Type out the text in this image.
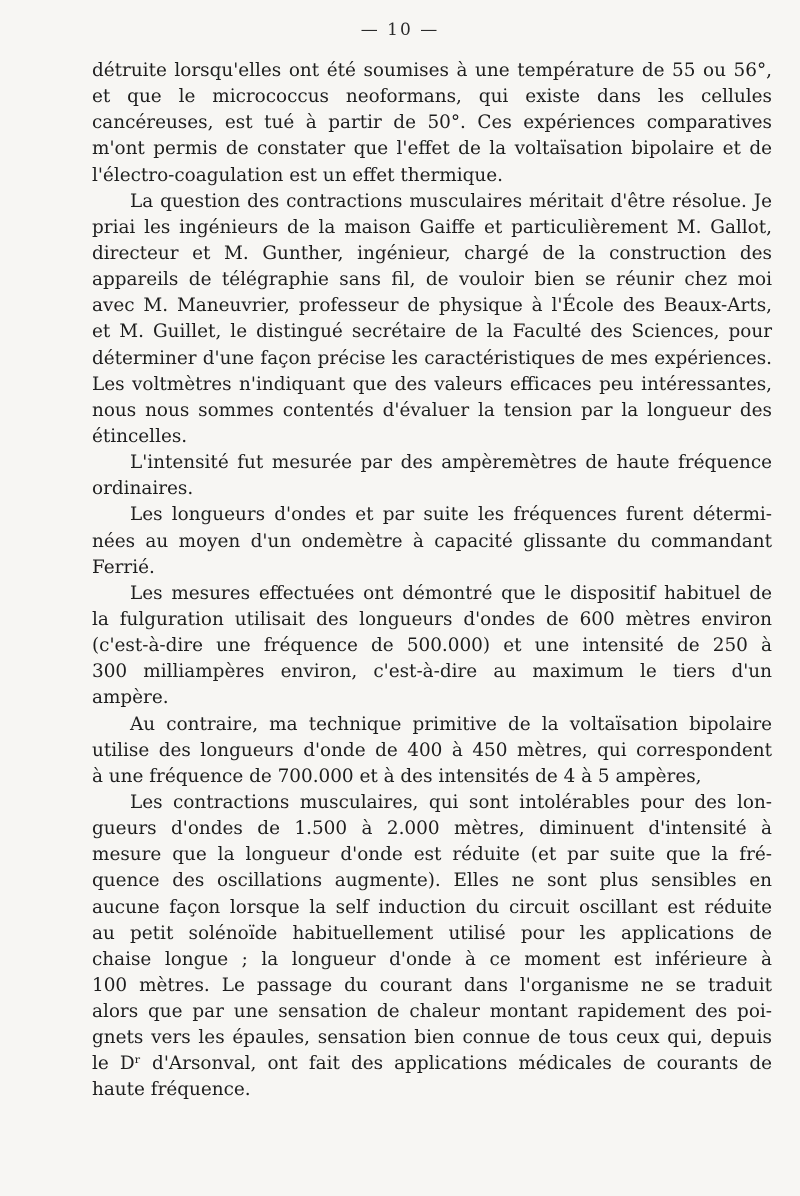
— 10 —
détruite lorsqu'elles ont été soumises à une température de 55 ou 56°,
et que le micrococcus neoformans, qui existe dans les cellules
cancéreuses, est tué à partir de 50°. Ces expériences comparatives
m'ont permis de constater que l'effet de la voltaïsation bipolaire et de
l'électro-coagulation est un effet thermique.
La question des contractions musculaires méritait d'être résolue. Je
priai les ingénieurs de la maison Gaiffe et particulièrement M. Gallot,
directeur et M. Gunther, ingénieur, chargé de la construction des
appareils de télégraphie sans fil, de vouloir bien se réunir chez moi
avec M. Maneuvrier, professeur de physique à l'École des Beaux-Arts,
et M. Guillet, le distingué secrétaire de la Faculté des Sciences, pour
déterminer d'une façon précise les caractéristiques de mes expériences.
Les voltmètres n'indiquant que des valeurs efficaces peu intéressantes,
nous nous sommes contentés d'évaluer la tension par la longueur des
étincelles.
L'intensité fut mesurée par des ampèremètres de haute fréquence
ordinaires.
Les longueurs d'ondes et par suite les fréquences furent détermi-
nées au moyen d'un ondemètre à capacité glissante du commandant
Ferrié.
Les mesures effectuées ont démontré que le dispositif habituel de
la fulguration utilisait des longueurs d'ondes de 600 mètres environ
(c'est-à-dire une fréquence de 500.000) et une intensité de 250 à
300 milliampères environ, c'est-à-dire au maximum le tiers d'un
ampère.
Au contraire, ma technique primitive de la voltaïsation bipolaire
utilise des longueurs d'onde de 400 à 450 mètres, qui correspondent
à une fréquence de 700.000 et à des intensités de 4 à 5 ampères,
Les contractions musculaires, qui sont intolérables pour des lon-
gueurs d'ondes de 1.500 à 2.000 mètres, diminuent d'intensité à
mesure que la longueur d'onde est réduite (et par suite que la fré-
quence des oscillations augmente). Elles ne sont plus sensibles en
aucune façon lorsque la self induction du circuit oscillant est réduite
au petit solénoïde habituellement utilisé pour les applications de
chaise longue ; la longueur d'onde à ce moment est inférieure à
100 mètres. Le passage du courant dans l'organisme ne se traduit
alors que par une sensation de chaleur montant rapidement des poi-
gnets vers les épaules, sensation bien connue de tous ceux qui, depuis
le Dʳ d'Arsonval, ont fait des applications médicales de courants de
haute fréquence.
